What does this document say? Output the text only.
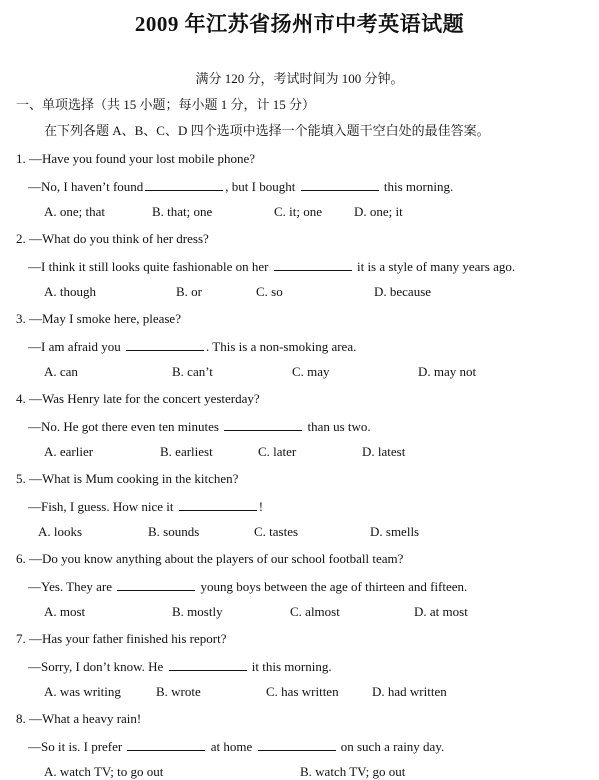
2009 年江苏省扬州市中考英语试题
满分 120 分，考试时间为 100 分钟。
一、单项选择（共 15 小题；每小题 1 分，计 15 分）
在下列各题 A、B、C、D 四个选项中选择一个能填入题干空白处的最佳答案。
1. —Have you found your lost mobile phone?
—No, I haven’t found	, but I bought	this morning.
A. one; that	B. that; one	C. it; one D. one; it
2. —What do you think of her dress?
—I think it still looks quite fashionable on her	it is a style of many years ago.
A. though	B. or	C. so	D. because
3. —May I smoke here, please?
—I am afraid you	. This is a non-smoking area.
A. can	B. can’t	C. may	D. may not
4. —Was Henry late for the concert yesterday?
—No. He got there even ten minutes	than us two.
A. earlier	B. earliest	C. later	D. latest
5. —What is Mum cooking in the kitchen?
—Fish, I guess. How nice it	!
A. looks	B. sounds	C. tastes	D. smells
6. —Do you know anything about the players of our school football team?
—Yes. They are	young boys between the age of thirteen and fifteen.
A. most	B. mostly	C. almost	D. at most
7. —Has your father finished his report?
—Sorry, I don’t know. He	it this morning.
A. was writing	B. wrote	C. has written	D. had written
8. —What a heavy rain!
—So it is. I prefer	at home	on such a rainy day.
A. watch TV; to go out	B. watch TV; go out
